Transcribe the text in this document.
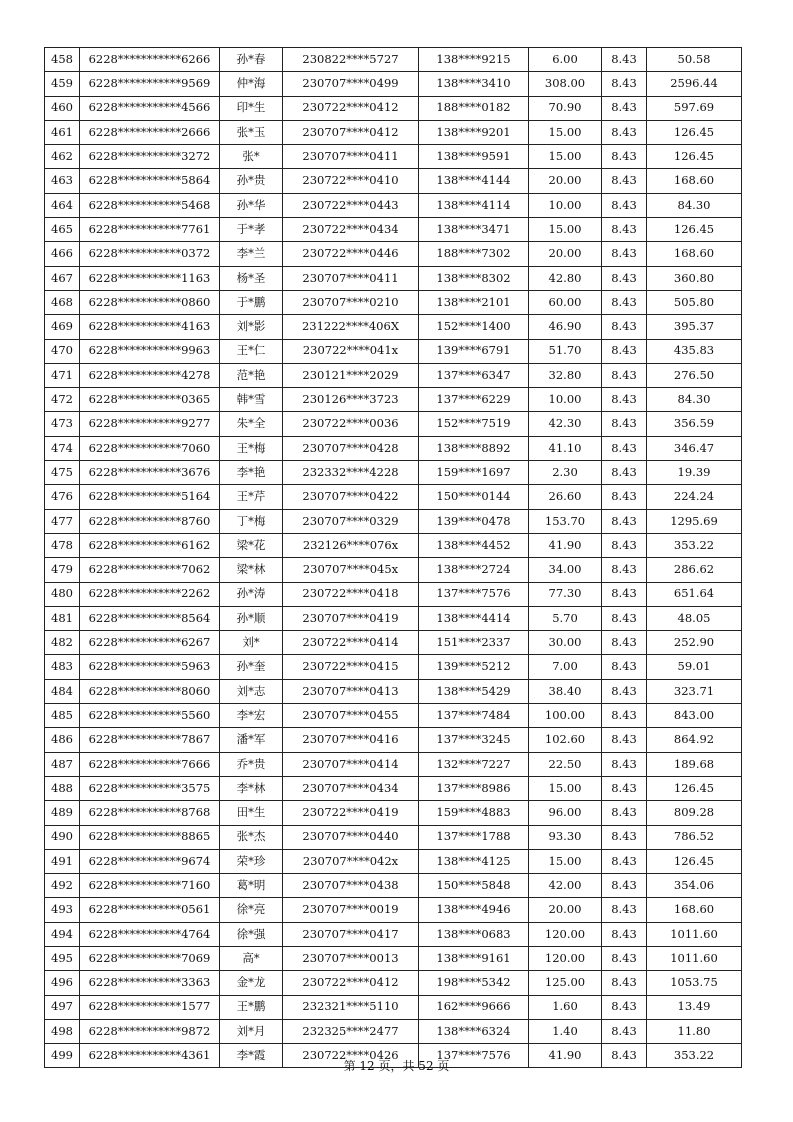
458	6228***********6266	孙*春	230822****5727	138****9215	6.00	8.43	50.58
459	6228***********9569	仲*海	230707****0499	138****3410	308.00	8.43	2596.44
460	6228***********4566	印*生	230722****0412	188****0182	70.90	8.43	597.69
461	6228***********2666	张*玉	230707****0412	138****9201	15.00	8.43	126.45
462	6228***********3272	张*	230707****0411	138****9591	15.00	8.43	126.45
463	6228***********5864	孙*贵	230722****0410	138****4144	20.00	8.43	168.60
464	6228***********5468	孙*华	230722****0443	138****4114	10.00	8.43	84.30
465	6228***********7761	于*孝	230722****0434	138****3471	15.00	8.43	126.45
466	6228***********0372	李*兰	230722****0446	188****7302	20.00	8.43	168.60
467	6228***********1163	杨*圣	230707****0411	138****8302	42.80	8.43	360.80
468	6228***********0860	于*鹏	230707****0210	138****2101	60.00	8.43	505.80
469	6228***********4163	刘*影	231222****406X	152****1400	46.90	8.43	395.37
470	6228***********9963	王*仁	230722****041x	139****6791	51.70	8.43	435.83
471	6228***********4278	范*艳	230121****2029	137****6347	32.80	8.43	276.50
472	6228***********0365	韩*雪	230126****3723	137****6229	10.00	8.43	84.30
473	6228***********9277	朱*全	230722****0036	152****7519	42.30	8.43	356.59
474	6228***********7060	王*梅	230707****0428	138****8892	41.10	8.43	346.47
475	6228***********3676	李*艳	232332****4228	159****1697	2.30	8.43	19.39
476	6228***********5164	王*芹	230707****0422	150****0144	26.60	8.43	224.24
477	6228***********8760	丁*梅	230707****0329	139****0478	153.70	8.43	1295.69
478	6228***********6162	梁*花	232126****076x	138****4452	41.90	8.43	353.22
479	6228***********7062	梁*林	230707****045x	138****2724	34.00	8.43	286.62
480	6228***********2262	孙*涛	230722****0418	137****7576	77.30	8.43	651.64
481	6228***********8564	孙*顺	230707****0419	138****4414	5.70	8.43	48.05
482	6228***********6267	刘*	230722****0414	151****2337	30.00	8.43	252.90
483	6228***********5963	孙*奎	230722****0415	139****5212	7.00	8.43	59.01
484	6228***********8060	刘*志	230707****0413	138****5429	38.40	8.43	323.71
485	6228***********5560	李*宏	230707****0455	137****7484	100.00	8.43	843.00
486	6228***********7867	潘*军	230707****0416	137****3245	102.60	8.43	864.92
487	6228***********7666	乔*贵	230707****0414	132****7227	22.50	8.43	189.68
488	6228***********3575	李*林	230707****0434	137****8986	15.00	8.43	126.45
489	6228***********8768	田*生	230722****0419	159****4883	96.00	8.43	809.28
490	6228***********8865	张*杰	230707****0440	137****1788	93.30	8.43	786.52
491	6228***********9674	荣*珍	230707****042x	138****4125	15.00	8.43	126.45
492	6228***********7160	葛*明	230707****0438	150****5848	42.00	8.43	354.06
493	6228***********0561	徐*亮	230707****0019	138****4946	20.00	8.43	168.60
494	6228***********4764	徐*强	230707****0417	138****0683	120.00	8.43	1011.60
495	6228***********7069	高*	230707****0013	138****9161	120.00	8.43	1011.60
496	6228***********3363	金*龙	230722****0412	198****5342	125.00	8.43	1053.75
497	6228***********1577	王*鹏	232321****5110	162****9666	1.60	8.43	13.49
498	6228***********9872	刘*月	232325****2477	138****6324	1.40	8.43	11.80
499	6228***********4361	李*霞	230722****0426	137****7576	41.90	8.43	353.22
第 12 页，共 52 页
